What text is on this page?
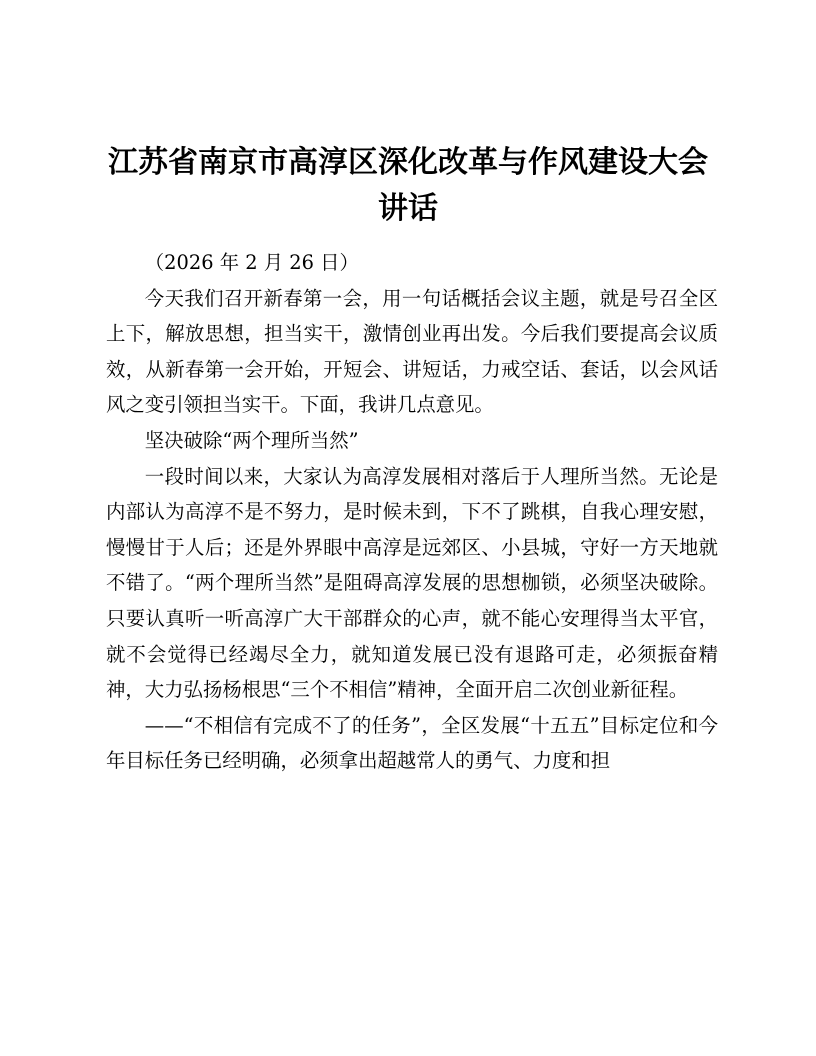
江苏省南京市高淳区深化改革与作风建设大会讲话

（2026 年 2 月 26 日）

今天我们召开新春第一会，用一句话概括会议主题，就是号召全区上下，解放思想，担当实干，激情创业再出发。今后我们要提高会议质效，从新春第一会开始，开短会、讲短话，力戒空话、套话，以会风话风之变引领担当实干。下面，我讲几点意见。

坚决破除“两个理所当然”

一段时间以来，大家认为高淳发展相对落后于人理所当然。无论是内部认为高淳不是不努力，是时候未到，下不了跳棋，自我心理安慰，慢慢甘于人后；还是外界眼中高淳是远郊区、小县城，守好一方天地就不错了。“两个理所当然”是阻碍高淳发展的思想枷锁，必须坚决破除。只要认真听一听高淳广大干部群众的心声，就不能心安理得当太平官，就不会觉得已经竭尽全力，就知道发展已没有退路可走，必须振奋精神，大力弘扬杨根思“三个不相信”精神，全面开启二次创业新征程。

——“不相信有完成不了的任务”，全区发展“十五五”目标定位和今年目标任务已经明确，必须拿出超越常人的勇气、力度和担
